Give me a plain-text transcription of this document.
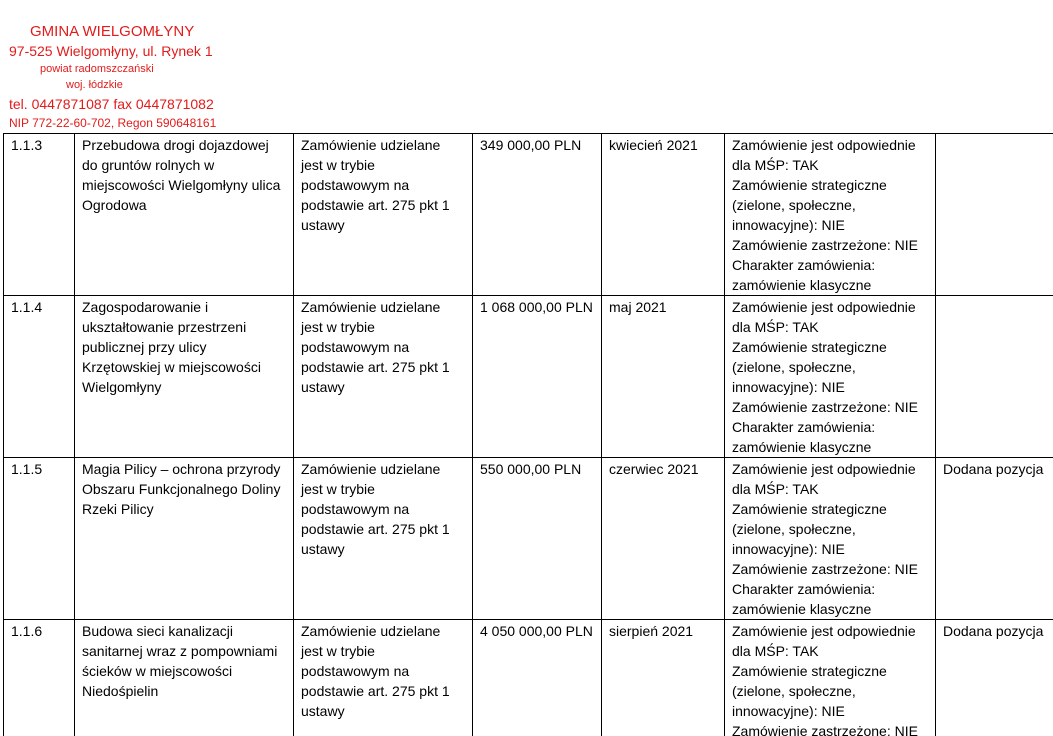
GMINA WIELGOMŁYNY
97-525 Wielgomłyny, ul. Rynek 1
powiat radomszczański
woj. łódzkie
tel. 0447871087 fax 0447871082
NIP 772-22-60-702, Regon 590648161
1.1.3	Przebudowa drogi dojazdowej do gruntów rolnych w miejscowości Wielgomłyny ulica Ogrodowa	Zamówienie udzielane jest w trybie podstawowym na podstawie art. 275 pkt 1 ustawy	349 000,00 PLN	kwiecień 2021	Zamówienie jest odpowiednie dla MŚP: TAK
Zamówienie strategiczne (zielone, społeczne, innowacyjne): NIE
Zamówienie zastrzeżone: NIE
Charakter zamówienia: zamówienie klasyczne	

1.1.4	Zagospodarowanie i ukształtowanie przestrzeni publicznej przy ulicy Krzętowskiej w miejscowości Wielgomłyny	Zamówienie udzielane jest w trybie podstawowym na podstawie art. 275 pkt 1 ustawy	1 068 000,00 PLN	maj 2021	Zamówienie jest odpowiednie dla MŚP: TAK
Zamówienie strategiczne (zielone, społeczne, innowacyjne): NIE
Zamówienie zastrzeżone: NIE
Charakter zamówienia: zamówienie klasyczne	

1.1.5	Magia Pilicy – ochrona przyrody Obszaru Funkcjonalnego Doliny Rzeki Pilicy	Zamówienie udzielane jest w trybie podstawowym na podstawie art. 275 pkt 1 ustawy	550 000,00 PLN	czerwiec 2021	Zamówienie jest odpowiednie dla MŚP: TAK
Zamówienie strategiczne (zielone, społeczne, innowacyjne): NIE
Zamówienie zastrzeżone: NIE
Charakter zamówienia: zamówienie klasyczne	Dodana pozycja
1.1.6	Budowa sieci kanalizacji sanitarnej wraz z pompowniami ścieków w miejscowości Niedośpielin	Zamówienie udzielane jest w trybie podstawowym na podstawie art. 275 pkt 1 ustawy	4 050 000,00 PLN	sierpień 2021	Zamówienie jest odpowiednie dla MŚP: TAK
Zamówienie strategiczne (zielone, społeczne, innowacyjne): NIE
Zamówienie zastrzeżone: NIE	Dodana pozycja
